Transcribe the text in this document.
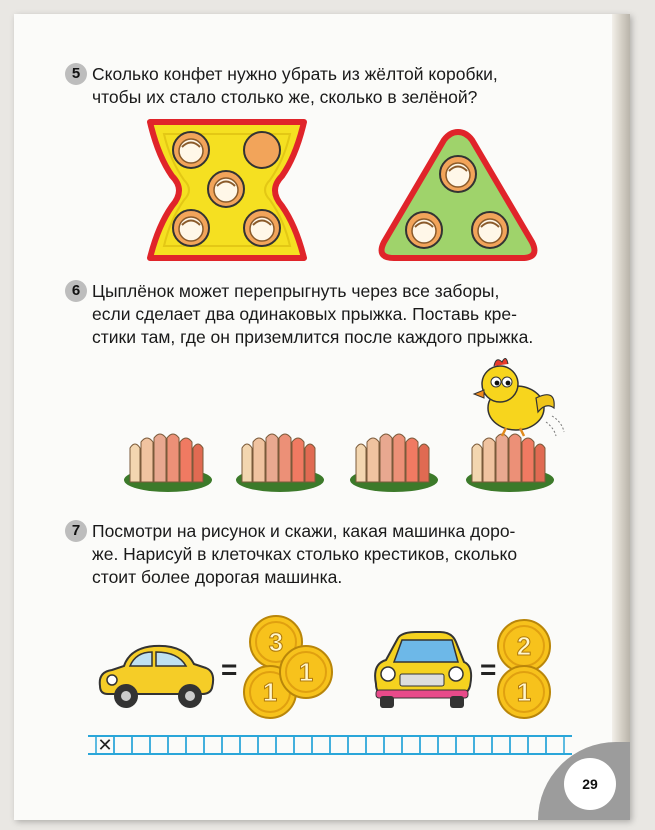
5 Сколько конфет нужно убрать из жёлтой коробки,
чтобы их стало столько же, сколько в зелёной?
6 Цыплёнок может перепрыгнуть через все заборы,
если сделает два одинаковых прыжка. Поставь кре-
стики там, где он приземлится после каждого прыжка.
7 Посмотри на рисунок и скажи, какая машинка доро-
же. Нарисуй в клеточках столько крестиков, сколько
стоит более дорогая машинка.
=
3
1
1	=
2
1
✕
29
